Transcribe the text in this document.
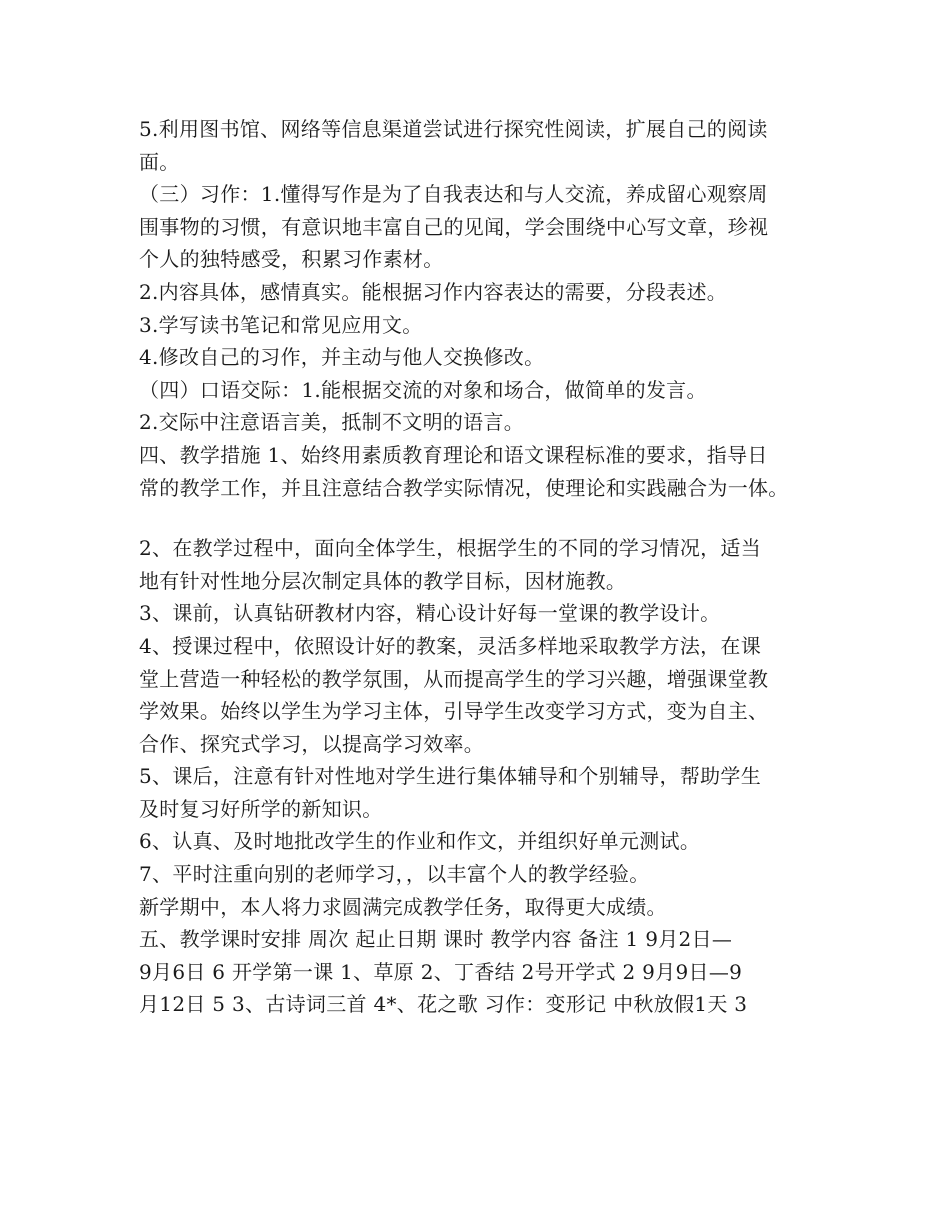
5.利用图书馆、网络等信息渠道尝试进行探究性阅读，扩展自己的阅读
面。
（三）习作：1.懂得写作是为了自我表达和与人交流，养成留心观察周
围事物的习惯，有意识地丰富自己的见闻，学会围绕中心写文章，珍视
个人的独特感受，积累习作素材。
2.内容具体，感情真实。能根据习作内容表达的需要，分段表述。
3.学写读书笔记和常见应用文。
4.修改自己的习作，并主动与他人交换修改。
（四）口语交际：1.能根据交流的对象和场合，做简单的发言。
2.交际中注意语言美，抵制不文明的语言。
四、教学措施 1、始终用素质教育理论和语文课程标准的要求，指导日
常的教学工作，并且注意结合教学实际情况，使理论和实践融合为一体。
2、在教学过程中，面向全体学生，根据学生的不同的学习情况，适当
地有针对性地分层次制定具体的教学目标，因材施教。
3、课前，认真钻研教材内容，精心设计好每一堂课的教学设计。
4、授课过程中，依照设计好的教案，灵活多样地采取教学方法，在课
堂上营造一种轻松的教学氛围，从而提高学生的学习兴趣，增强课堂教
学效果。始终以学生为学习主体，引导学生改变学习方式，变为自主、
合作、探究式学习，以提高学习效率。
5、课后，注意有针对性地对学生进行集体辅导和个别辅导，帮助学生
及时复习好所学的新知识。
6、认真、及时地批改学生的作业和作文，并组织好单元测试。
7、平时注重向别的老师学习，，以丰富个人的教学经验。
新学期中，本人将力求圆满完成教学任务，取得更大成绩。
五、教学课时安排 周次 起止日期 课时 教学内容 备注 1 9月2日—
9月6日 6 开学第一课 1、草原 2、丁香结 2号开学式 2 9月9日—9
月12日 5 3、古诗词三首 4*、花之歌 习作：变形记 中秋放假1天 3
